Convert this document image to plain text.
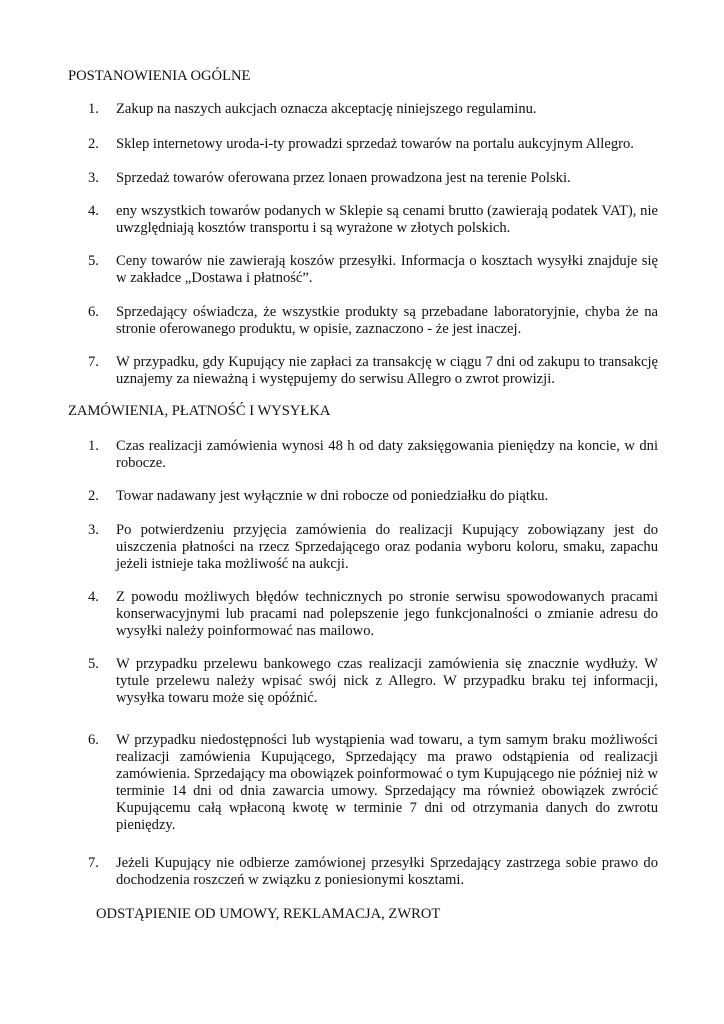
POSTANOWIENIA OGÓLNE
1.	Zakup na naszych aukcjach oznacza akceptację niniejszego regulaminu.
2.	Sklep internetowy uroda-i-ty prowadzi sprzedaż towarów na portalu aukcyjnym Allegro.
3.	Sprzedaż towarów oferowana przez lonaen prowadzona jest na terenie Polski.
4.	eny wszystkich towarów podanych w Sklepie są cenami brutto (zawierają podatek VAT), nie uwzględniają kosztów transportu i są wyrażone w złotych polskich.
5.	Ceny towarów nie zawierają koszów przesyłki. Informacja o kosztach wysyłki znajduje się w zakładce „Dostawa i płatność”.
6.	Sprzedający oświadcza, że wszystkie produkty są przebadane laboratoryjnie, chyba że na stronie oferowanego produktu, w opisie, zaznaczono - że jest inaczej.
7.	W przypadku, gdy Kupujący nie zapłaci za transakcję w ciągu 7 dni od zakupu to transakcję uznajemy za nieważną i występujemy do serwisu Allegro o zwrot prowizji.
ZAMÓWIENIA, PŁATNOŚĆ I WYSYŁKA
1.	Czas realizacji zamówienia wynosi 48 h od daty zaksięgowania pieniędzy na koncie, w dni robocze.
2.	Towar nadawany jest wyłącznie w dni robocze od poniedziałku do piątku.
3.	Po potwierdzeniu przyjęcia zamówienia do realizacji Kupujący zobowiązany jest do uiszczenia płatności na rzecz Sprzedającego oraz podania wyboru koloru, smaku, zapachu jeżeli istnieje taka możliwość na aukcji.
4.	Z powodu możliwych błędów technicznych po stronie serwisu spowodowanych pracami konserwacyjnymi lub pracami nad polepszenie jego funkcjonalności o zmianie adresu do wysyłki należy poinformować nas mailowo.
5.	W przypadku przelewu bankowego czas realizacji zamówienia się znacznie wydłuży. W tytule przelewu należy wpisać swój nick z Allegro. W przypadku braku tej informacji, wysyłka towaru może się opóźnić.
6.	W przypadku niedostępności lub wystąpienia wad towaru, a tym samym braku możliwości realizacji zamówienia Kupującego, Sprzedający ma prawo odstąpienia od realizacji zamówienia. Sprzedający ma obowiązek poinformować o tym Kupującego nie później niż w terminie 14 dni od dnia zawarcia umowy. Sprzedający ma również obowiązek zwrócić Kupującemu całą wpłaconą kwotę w terminie 7 dni od otrzymania danych do zwrotu pieniędzy.
7.	Jeżeli Kupujący nie odbierze zamówionej przesyłki Sprzedający zastrzega sobie prawo do dochodzenia roszczeń w związku z poniesionymi kosztami.
ODSTĄPIENIE OD UMOWY, REKLAMACJA, ZWROT
